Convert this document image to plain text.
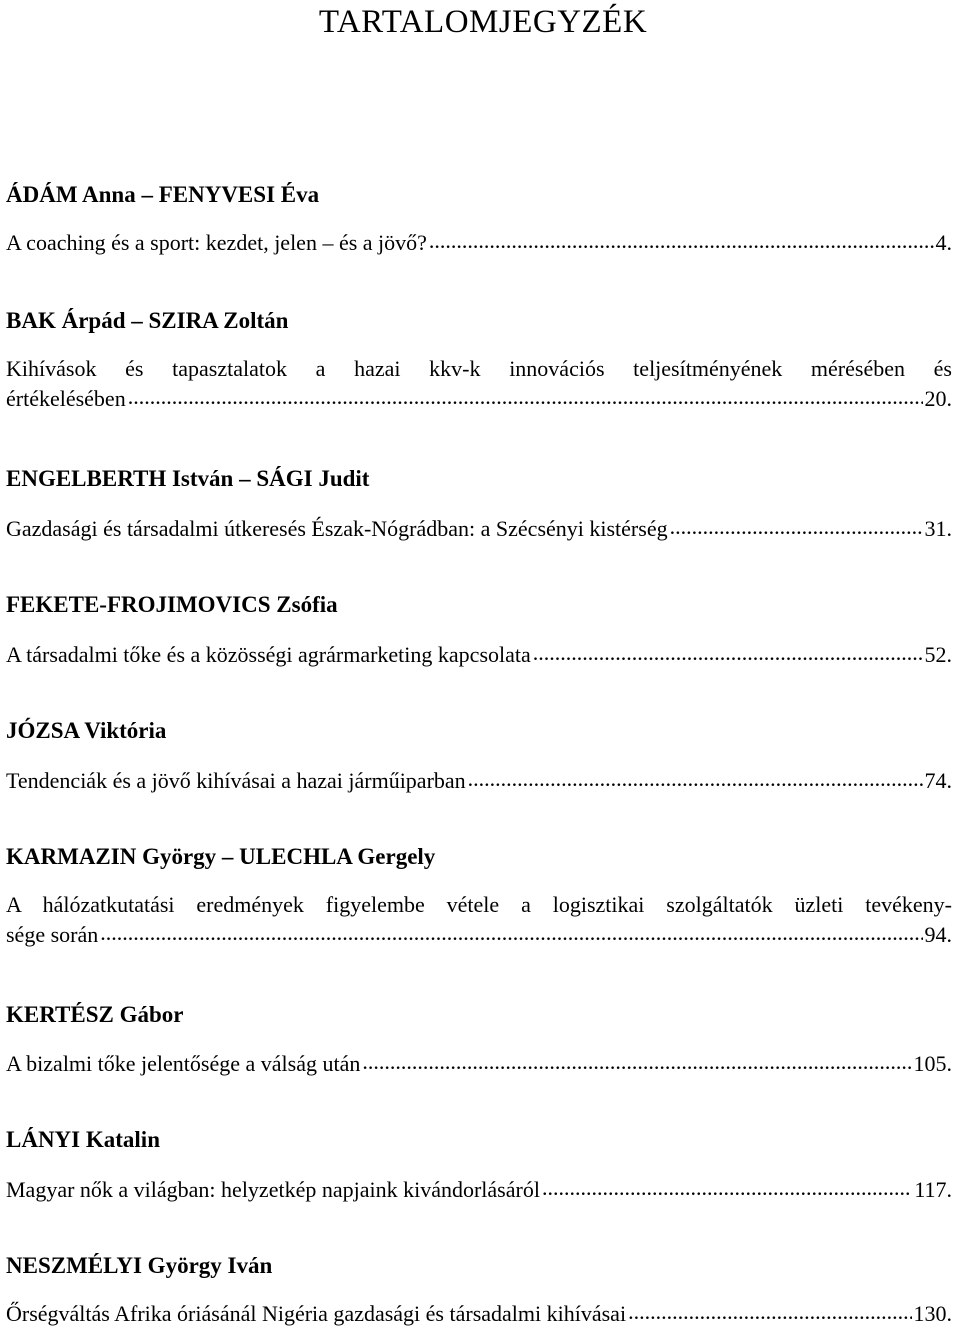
TARTALOMJEGYZÉK
ÁDÁM Anna – FENYVESI Éva
A coaching és a sport: kezdet, jelen – és a jövő? .....	4.
BAK Árpád – SZIRA Zoltán
Kihívások és tapasztalatok a hazai kkv-k innovációs teljesítményének mérésében és
értékelésében .....	20.
ENGELBERTH István – SÁGI Judit
Gazdasági és társadalmi útkeresés Észak-Nógrádban: a Szécsényi kistérség .....	31.
FEKETE-FROJIMOVICS Zsófia
A társadalmi tőke és a közösségi agrármarketing kapcsolata .....	52.
JÓZSA Viktória
Tendenciák és a jövő kihívásai a hazai járműiparban .....	74.
KARMAZIN György – ULECHLA Gergely
A hálózatkutatási eredmények figyelembe vétele a logisztikai szolgáltatók üzleti tevékeny-
sége során .....	94.
KERTÉSZ Gábor
A bizalmi tőke jelentősége a válság után .....	105.
LÁNYI Katalin
Magyar nők a világban: helyzetkép napjaink kivándorlásáról .....	117.
NESZMÉLYI György Iván
Őrségváltás Afrika óriásánál Nigéria gazdasági és társadalmi kihívásai .....	130.
